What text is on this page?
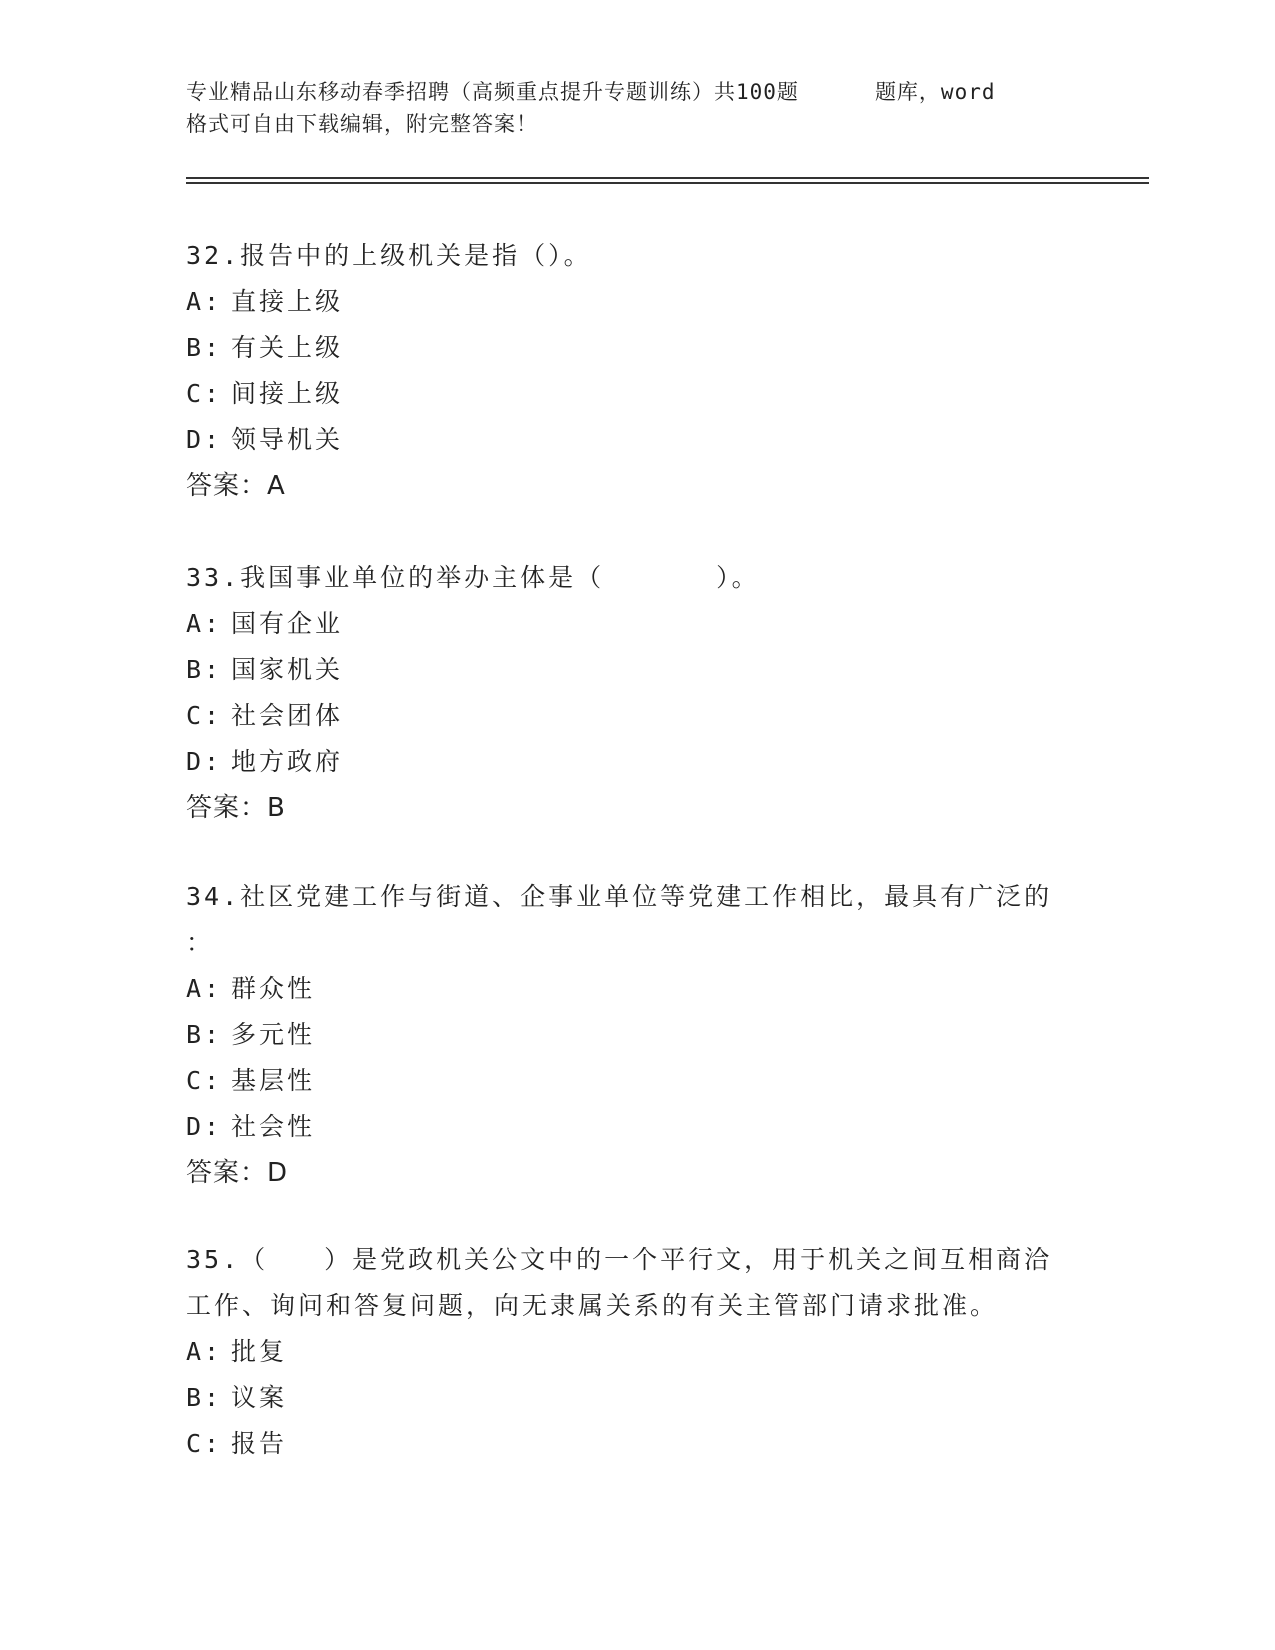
专业精品山东移动春季招聘（高频重点提升专题训练）共100题	题库，word
格式可自由下载编辑，附完整答案！
32.报告中的上级机关是指（）。
A: 直接上级
B: 有关上级
C: 间接上级
D: 领导机关
答案：A
33.我国事业单位的举办主体是（　　　　）。
A: 国有企业
B: 国家机关
C: 社会团体
D: 地方政府
答案：B
34.社区党建工作与街道、企事业单位等党建工作相比，最具有广泛的
：
A: 群众性
B: 多元性
C: 基层性
D: 社会性
答案：D
35.（　　）是党政机关公文中的一个平行文，用于机关之间互相商洽
工作、询问和答复问题，向无隶属关系的有关主管部门请求批准。
A: 批复
B: 议案
C: 报告
